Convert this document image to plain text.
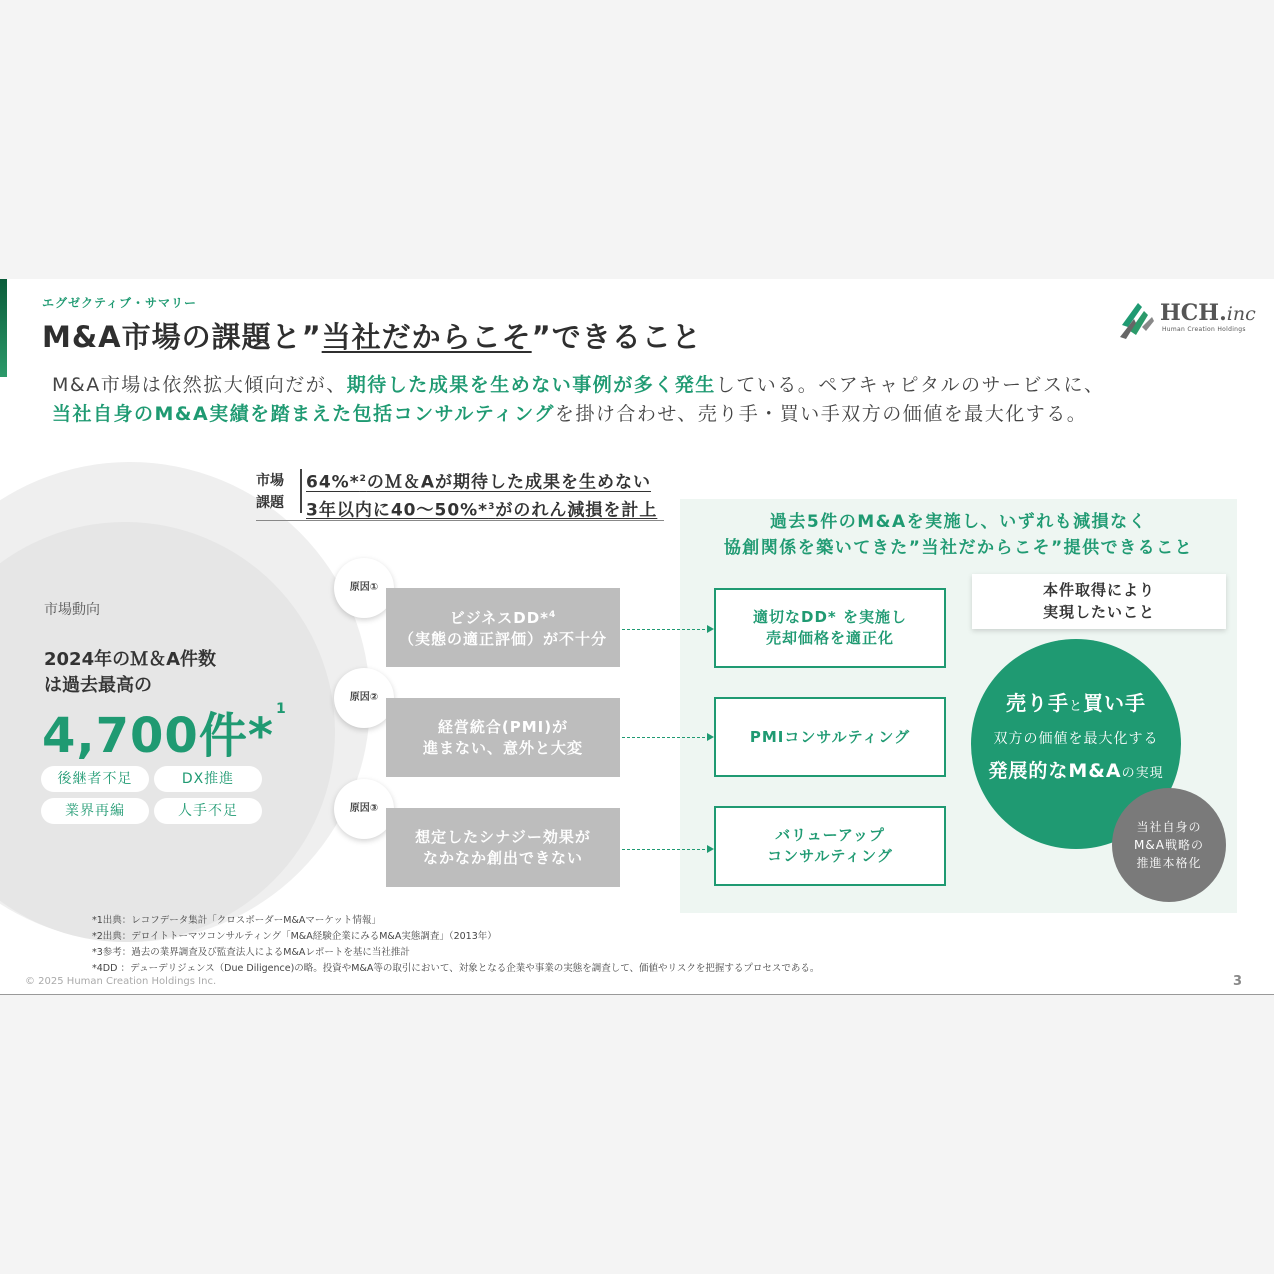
エグゼクティブ・サマリー
M&A市場の課題と”当社だからこそ”できること
HCH.inc
Human Creation Holdings
M&A市場は依然拡大傾向だが、期待した成果を生めない事例が多く発生している。ペアキャピタルのサービスに、
当社自身のM&A実績を踏まえた包括コンサルティングを掛け合わせ、売り手・買い手双方の価値を最大化する。
市場動向
2024年のＭ＆A件数
は過去最高の
4,700件* $^1$
後継者不足	DX推進
業界再編	人手不足
市場
課題
64%*$^2$のＭ＆Aが期待した成果を生めない
3年以内に40～50%*$^3$がのれん減損を計上
過去5件のM&Aを実施し、いずれも減損なく
協創関係を築いてきた”当社だからこそ”提供できること
原因①
ビジネスDD*$^4$
（実態の適正評価）が不十分
原因②
経営統合(PMI)が
進まない、意外と大変
原因③
想定したシナジー効果が
なかなか創出できない
適切なDD* を実施し
売却価格を適正化
PMIコンサルティング
バリューアップ
コンサルティング
本件取得により
実現したいこと
売り手と買い手
双方の価値を最大化する
発展的なM&Aの実現
当社自身の
M&A戦略の
推進本格化
*1出典：レコフデータ集計「クロスボーダーM&Aマーケット情報」
*2出典：デロイトトーマツコンサルティング「M&A経験企業にみるM&A実態調査」（2013年）
*3参考：過去の業界調査及び監査法人によるM&Aレポートを基に当社推計
*4DD ：デューデリジェンス（Due Diligence)の略。投資やM&A等の取引において、対象となる企業や事業の実態を調査して、価値やリスクを把握するプロセスである。
© 2025 Human Creation Holdings Inc.	3
